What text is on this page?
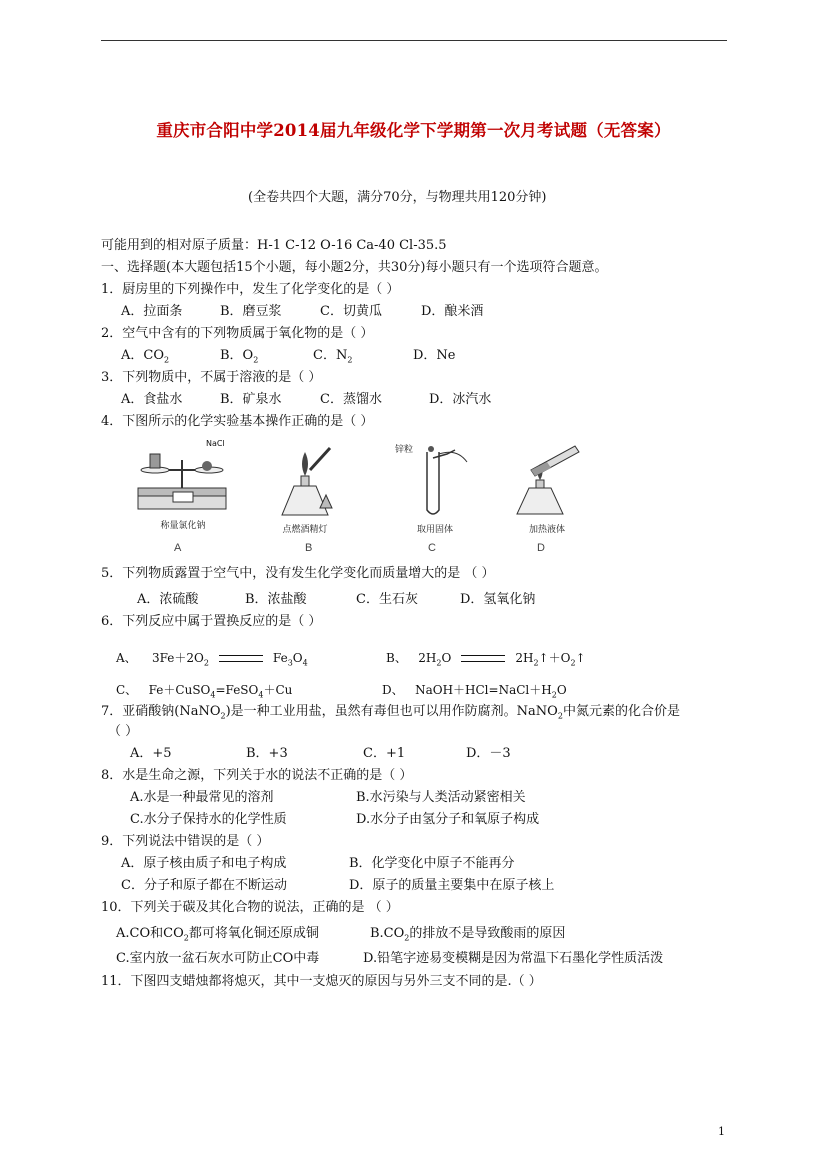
重庆市合阳中学2014届九年级化学下学期第一次月考试题（无答案）
(全卷共四个大题，满分70分，与物理共用120分钟)
可能用到的相对原子质量：H-1 C-12 O-16 Ca-40 Cl-35.5
一、选择题(本大题包括15个小题，每小题2分，共30分)每小题只有一个选项符合题意。
1．厨房里的下列操作中，发生了化学变化的是（ ）
A．拉面条	B．磨豆浆	C．切黄瓜	D．酿米酒
2．空气中含有的下列物质属于氧化物的是（ ）
A．$CO_2$	B．$O_2$	C．$N_2$	D．Ne
3．下列物质中，不属于溶液的是（ ）
A．食盐水	B．矿泉水	C．蒸馏水	D．冰汽水
4．下图所示的化学实验基本操作正确的是（ ）
NaCl
称量氯化钠	点燃酒精灯
锌粒
取用固体	加热液体
A	B	C	D
5．下列物质露置于空气中，没有发生化学变化而质量增大的是 （ ）
A．浓硫酸	B．浓盐酸	C．生石灰	D．氢氧化钠
6．下列反应中属于置换反应的是（ ）
A、 $3Fe+2O_2$	$Fe_3O_4$	B、 $2H_2O$	$2H_2↑+O_2↑$
C、 Fe＋CuSO$_4$=FeSO$_4$＋Cu	D、 $NaOH+HCl=NaCl+H_2O$
7．亚硝酸钠(NaNO$_2$)是一种工业用盐，虽然有毒但也可以用作防腐剂。NaNO$_2$中氮元素的化合价是
（ ）
A．+5	B．+3	C．+1	D．－3
8．水是生命之源，下列关于水的说法不正确的是（ ）
A.水是一种最常见的溶剂	B.水污染与人类活动紧密相关
C.水分子保持水的化学性质	D.水分子由氢分子和氧原子构成
9．下列说法中错误的是（ ）
A．原子核由质子和电子构成	B．化学变化中原子不能再分
C．分子和原子都在不断运动	D．原子的质量主要集中在原子核上
10．下列关于碳及其化合物的说法，正确的是 （ ）
A.CO和$CO_2$都可将氧化铜还原成铜	$B.CO_2$的排放不是导致酸雨的原因
C.室内放一盆石灰水可防止CO中毒	D.铅笔字迹易变模糊是因为常温下石墨化学性质活泼
11．下图四支蜡烛都将熄灭，其中一支熄灭的原因与另外三支不同的是.（ ）
1
